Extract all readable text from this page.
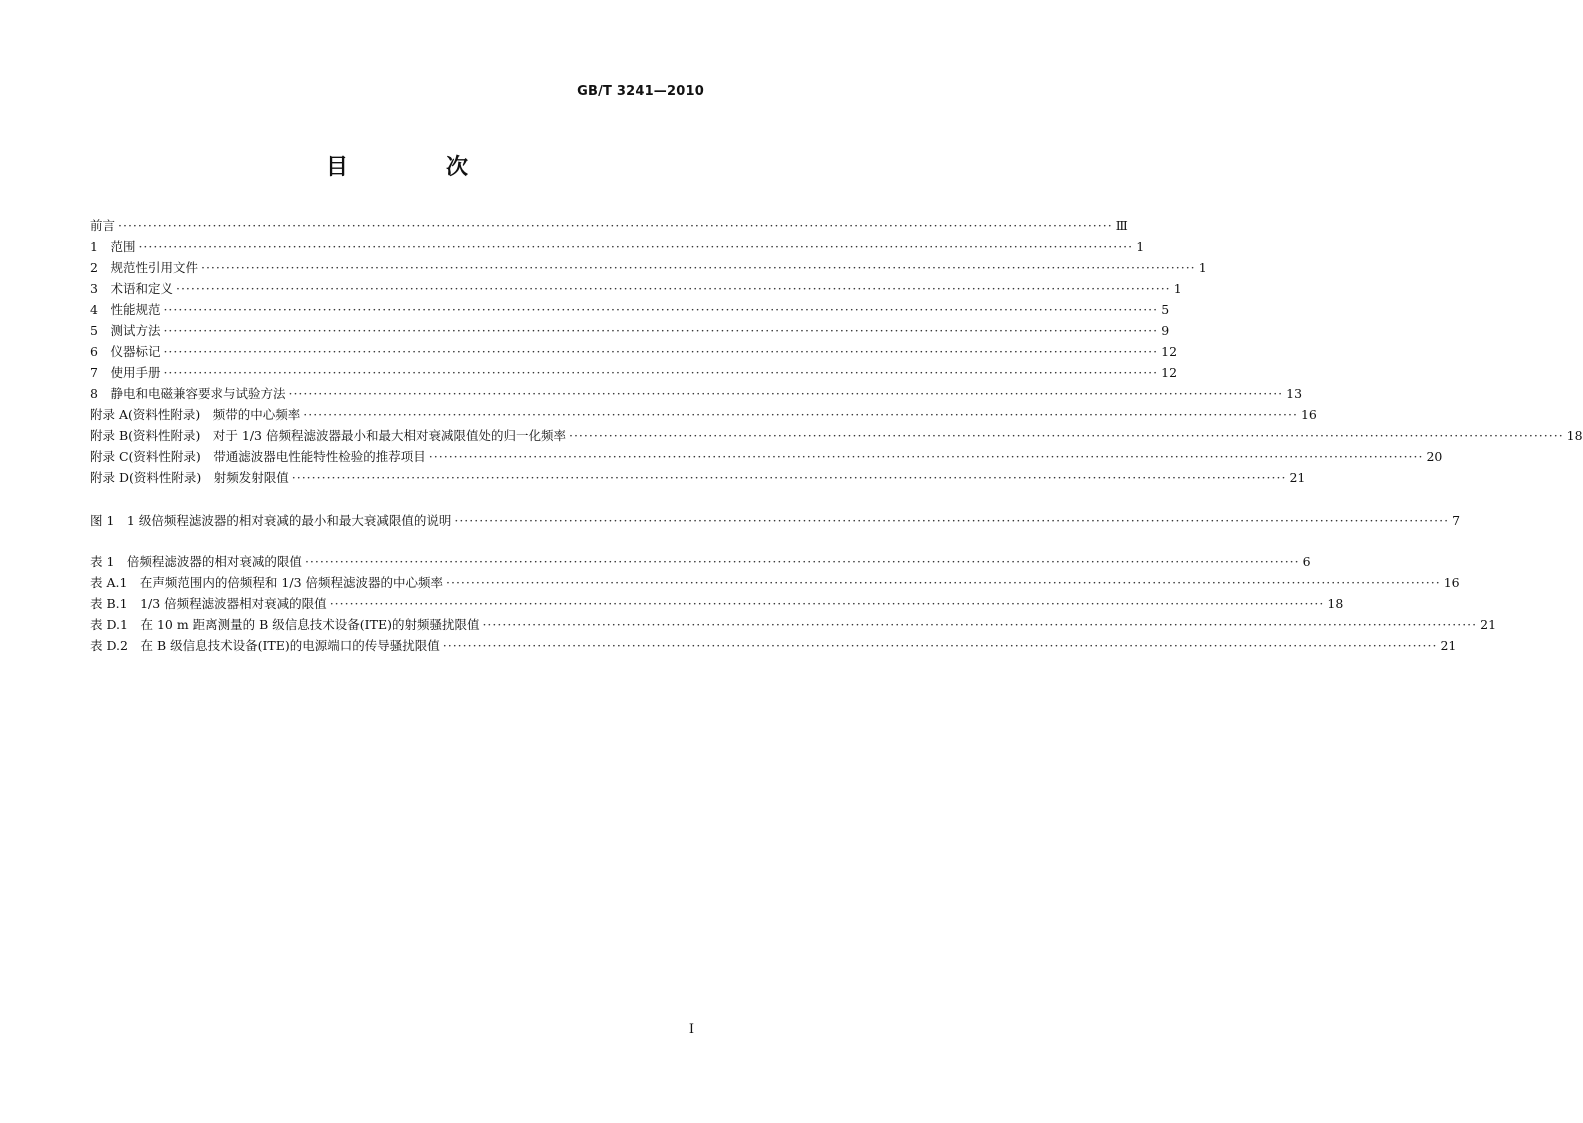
GB/T 3241—2010
目　次
前言 ········································································································································································································ Ⅲ
1　范围 ········································································································································································································ 1
2　规范性引用文件 ········································································································································································································ 1
3　术语和定义 ········································································································································································································ 1
4　性能规范 ········································································································································································································ 5
5　测试方法 ········································································································································································································ 9
6　仪器标记 ········································································································································································································ 12
7　使用手册 ········································································································································································································ 12
8　静电和电磁兼容要求与试验方法 ········································································································································································································ 13
附录 A(资料性附录)　频带的中心频率 ········································································································································································································ 16
附录 B(资料性附录)　对于 1/3 倍频程滤波器最小和最大相对衰减限值处的归一化频率 ········································································································································································································ 18
附录 C(资料性附录)　带通滤波器电性能特性检验的推荐项目 ········································································································································································································ 20
附录 D(资料性附录)　射频发射限值 ········································································································································································································ 21
图 1　1 级倍频程滤波器的相对衰减的最小和最大衰减限值的说明 ········································································································································································································ 7
表 1　倍频程滤波器的相对衰减的限值 ········································································································································································································ 6
表 A.1　在声频范围内的倍频程和 1/3 倍频程滤波器的中心频率 ········································································································································································································ 16
表 B.1　1/3 倍频程滤波器相对衰减的限值 ········································································································································································································ 18
表 D.1　在 10 m 距离测量的 B 级信息技术设备(ITE)的射频骚扰限值 ········································································································································································································ 21
表 D.2　在 B 级信息技术设备(ITE)的电源端口的传导骚扰限值 ········································································································································································································ 21
Ⅰ
